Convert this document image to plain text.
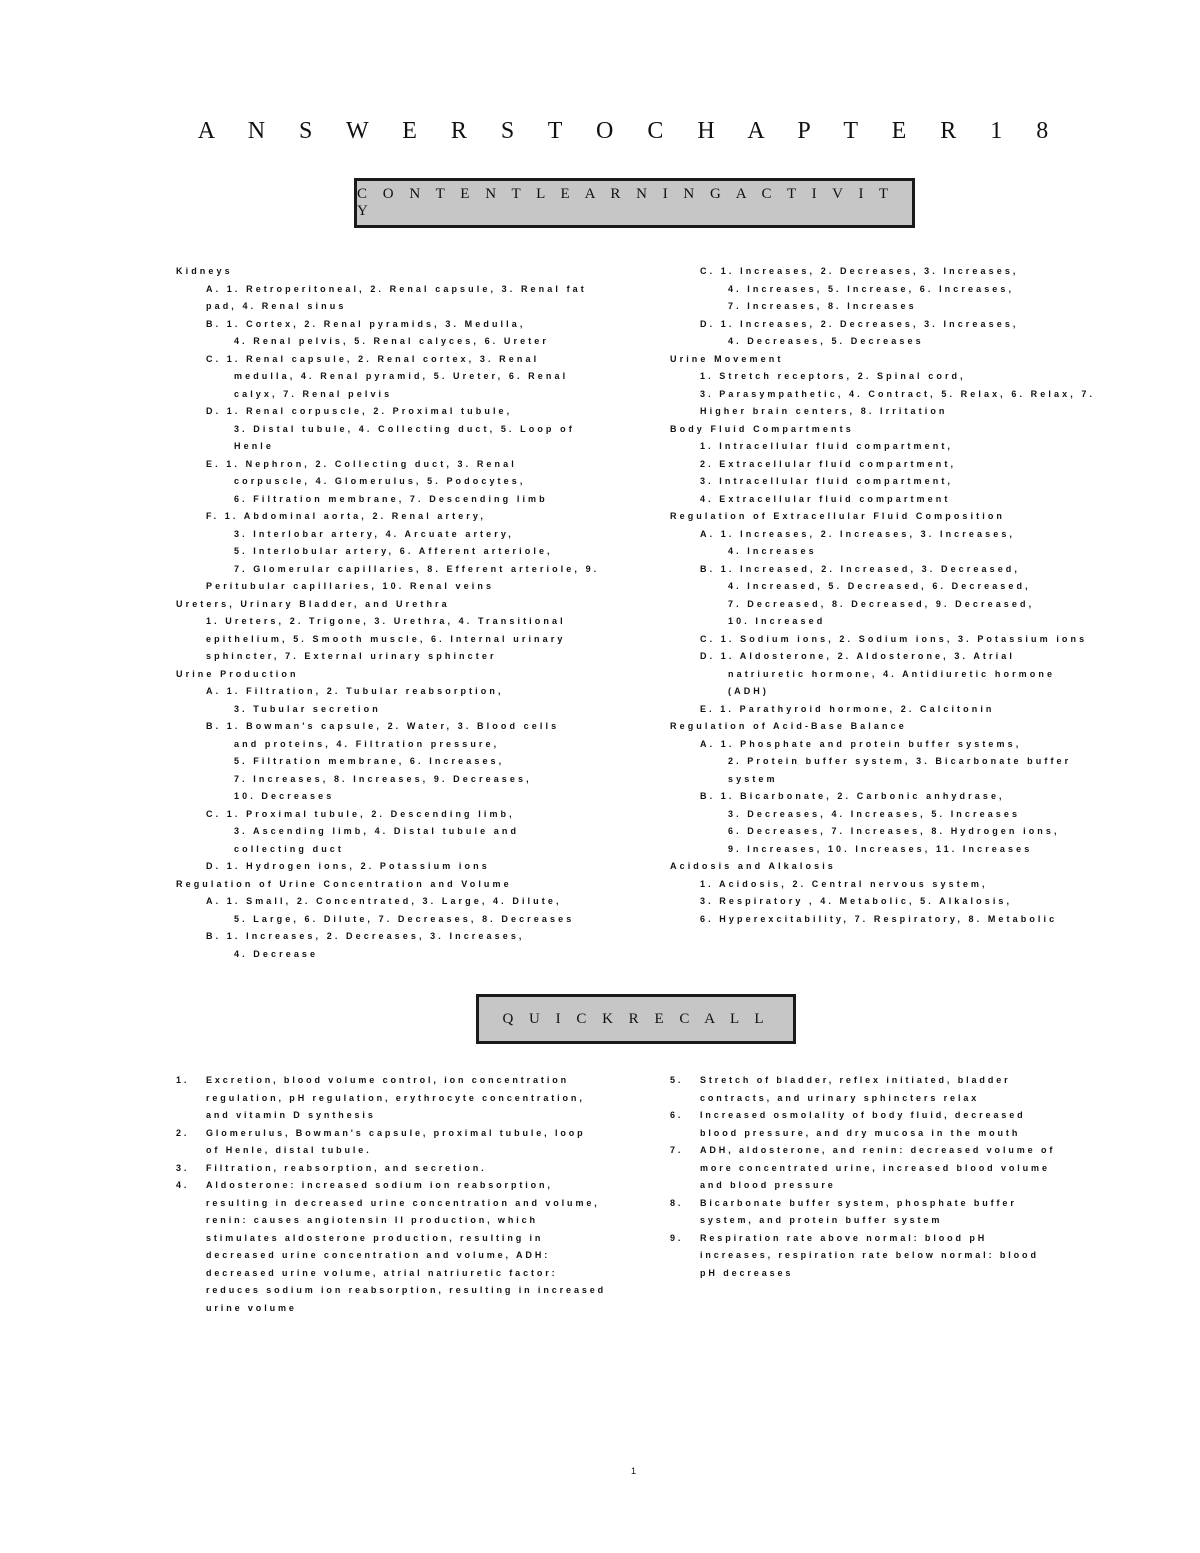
A N S W E R S T O C H A P T E R 1 8
C O N T E N T L E A R N I N G A C T I V I T Y
Kidneys
A. 1. Retroperitoneal, 2. Renal capsule, 3. Renal fat
pad, 4. Renal sinus
B. 1. Cortex, 2. Renal pyramids, 3. Medulla,
4. Renal pelvis, 5. Renal calyces, 6. Ureter
C. 1. Renal capsule, 2. Renal cortex, 3. Renal
medulla, 4. Renal pyramid, 5. Ureter, 6. Renal
calyx, 7. Renal pelvis
D. 1. Renal corpuscle, 2. Proximal tubule,
3. Distal tubule, 4. Collecting duct, 5. Loop of
Henle
E. 1. Nephron, 2. Collecting duct, 3. Renal
corpuscle, 4. Glomerulus, 5. Podocytes,
6. Filtration membrane, 7. Descending limb
F. 1. Abdominal aorta, 2. Renal artery,
3. Interlobar artery, 4. Arcuate artery,
5. Interlobular artery, 6. Afferent arteriole,
7. Glomerular capillaries, 8. Efferent arteriole, 9.
Peritubular capillaries, 10. Renal veins
Ureters, Urinary Bladder, and Urethra
1. Ureters, 2. Trigone, 3. Urethra, 4. Transitional
epithelium, 5. Smooth muscle, 6. Internal urinary
sphincter, 7. External urinary sphincter
Urine Production
A. 1. Filtration, 2. Tubular reabsorption,
3. Tubular secretion
B. 1. Bowman's capsule, 2. Water, 3. Blood cells
and proteins, 4. Filtration pressure,
5. Filtration membrane, 6. Increases,
7. Increases, 8. Increases, 9. Decreases,
10. Decreases
C. 1. Proximal tubule, 2. Descending limb,
3. Ascending limb, 4. Distal tubule and
collecting duct
D. 1. Hydrogen ions, 2. Potassium ions
Regulation of Urine Concentration and Volume
A. 1. Small, 2. Concentrated, 3. Large, 4. Dilute,
5. Large, 6. Dilute, 7. Decreases, 8. Decreases
B. 1. Increases, 2. Decreases, 3. Increases,
4. Decrease
C. 1. Increases, 2. Decreases, 3. Increases,
4. Increases, 5. Increase, 6. Increases,
7. Increases, 8. Increases
D. 1. Increases, 2. Decreases, 3. Increases,
4. Decreases, 5. Decreases
Urine Movement
1. Stretch receptors, 2. Spinal cord,
3. Parasympathetic, 4. Contract, 5. Relax, 6. Relax, 7.
Higher brain centers, 8. Irritation
Body Fluid Compartments
1. Intracellular fluid compartment,
2. Extracellular fluid compartment,
3. Intracellular fluid compartment,
4. Extracellular fluid compartment
Regulation of Extracellular Fluid Composition
A. 1. Increases, 2. Increases, 3. Increases,
4. Increases
B. 1. Increased, 2. Increased, 3. Decreased,
4. Increased, 5. Decreased, 6. Decreased,
7. Decreased, 8. Decreased, 9. Decreased,
10. Increased
C. 1. Sodium ions, 2. Sodium ions, 3. Potassium ions
D. 1. Aldosterone, 2. Aldosterone, 3. Atrial
natriuretic hormone, 4. Antidiuretic hormone
(ADH)
E. 1. Parathyroid hormone, 2. Calcitonin
Regulation of Acid-Base Balance
A. 1. Phosphate and protein buffer systems,
2. Protein buffer system, 3. Bicarbonate buffer
system
B. 1. Bicarbonate, 2. Carbonic anhydrase,
3. Decreases, 4. Increases, 5. Increases
6. Decreases, 7. Increases, 8. Hydrogen ions,
9. Increases, 10. Increases, 11. Increases
Acidosis and Alkalosis
1. Acidosis, 2. Central nervous system,
3. Respiratory , 4. Metabolic, 5. Alkalosis,
6. Hyperexcitability, 7. Respiratory, 8. Metabolic
Q U I C K R E C A L L
1. Excretion, blood volume control, ion concentration
regulation, pH regulation, erythrocyte concentration,
and vitamin D synthesis
2. Glomerulus, Bowman's capsule, proximal tubule, loop
of Henle, distal tubule.
3. Filtration, reabsorption, and secretion.
4. Aldosterone: increased sodium ion reabsorption,
resulting in decreased urine concentration and volume,
renin: causes angiotensin II production, which
stimulates aldosterone production, resulting in
decreased urine concentration and volume, ADH:
decreased urine volume, atrial natriuretic factor:
reduces sodium ion reabsorption, resulting in increased
urine volume
5. Stretch of bladder, reflex initiated, bladder
contracts, and urinary sphincters relax
6. Increased osmolality of body fluid, decreased
blood pressure, and dry mucosa in the mouth
7. ADH, aldosterone, and renin: decreased volume of
more concentrated urine, increased blood volume
and blood pressure
8. Bicarbonate buffer system, phosphate buffer
system, and protein buffer system
9. Respiration rate above normal: blood pH
increases, respiration rate below normal: blood
pH decreases
1
